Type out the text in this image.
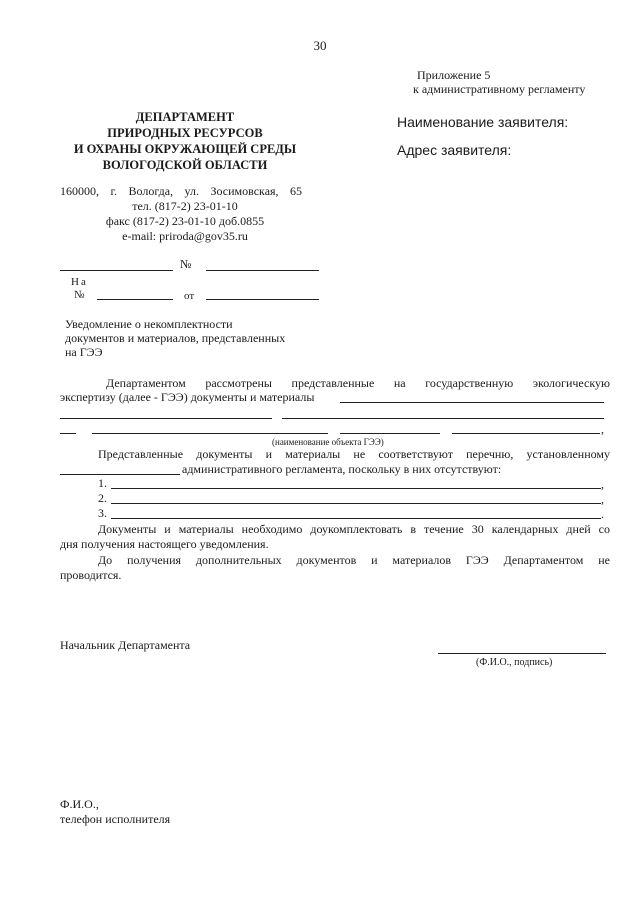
30
Приложение 5
к административному регламенту
ДЕПАРТАМЕНТ
ПРИРОДНЫХ РЕСУРСОВ
И ОХРАНЫ ОКРУЖАЮЩЕЙ СРЕДЫ
ВОЛОГОДСКОЙ ОБЛАСТИ
160000, г. Вологда, ул. Зосимовская, 65
тел. (817-2) 23-01-10
факс (817-2) 23-01-10 доб.0855
e-mail: priroda@gov35.ru
Наименование заявителя:
Адрес заявителя:
№
На
№	от
Уведомление о некомплектности
документов и материалов, представленных
на ГЭЭ
Департаментом рассмотрены представленные на государственную экологическую
экспертизу (далее - ГЭЭ) документы и материалы
,
(наименование объекта ГЭЭ)
Представленные документы и материалы не соответствуют перечню, установленному
административного регламента, поскольку в них отсутствуют:
1.	,
2.	,
3.	.
Документы и материалы необходимо доукомплектовать в течение 30 календарных дней со
дня получения настоящего уведомления.
До получения дополнительных документов и материалов ГЭЭ Департаментом не
проводится.
Начальник Департамента
(Ф.И.О., подпись)
Ф.И.О.,
телефон исполнителя
